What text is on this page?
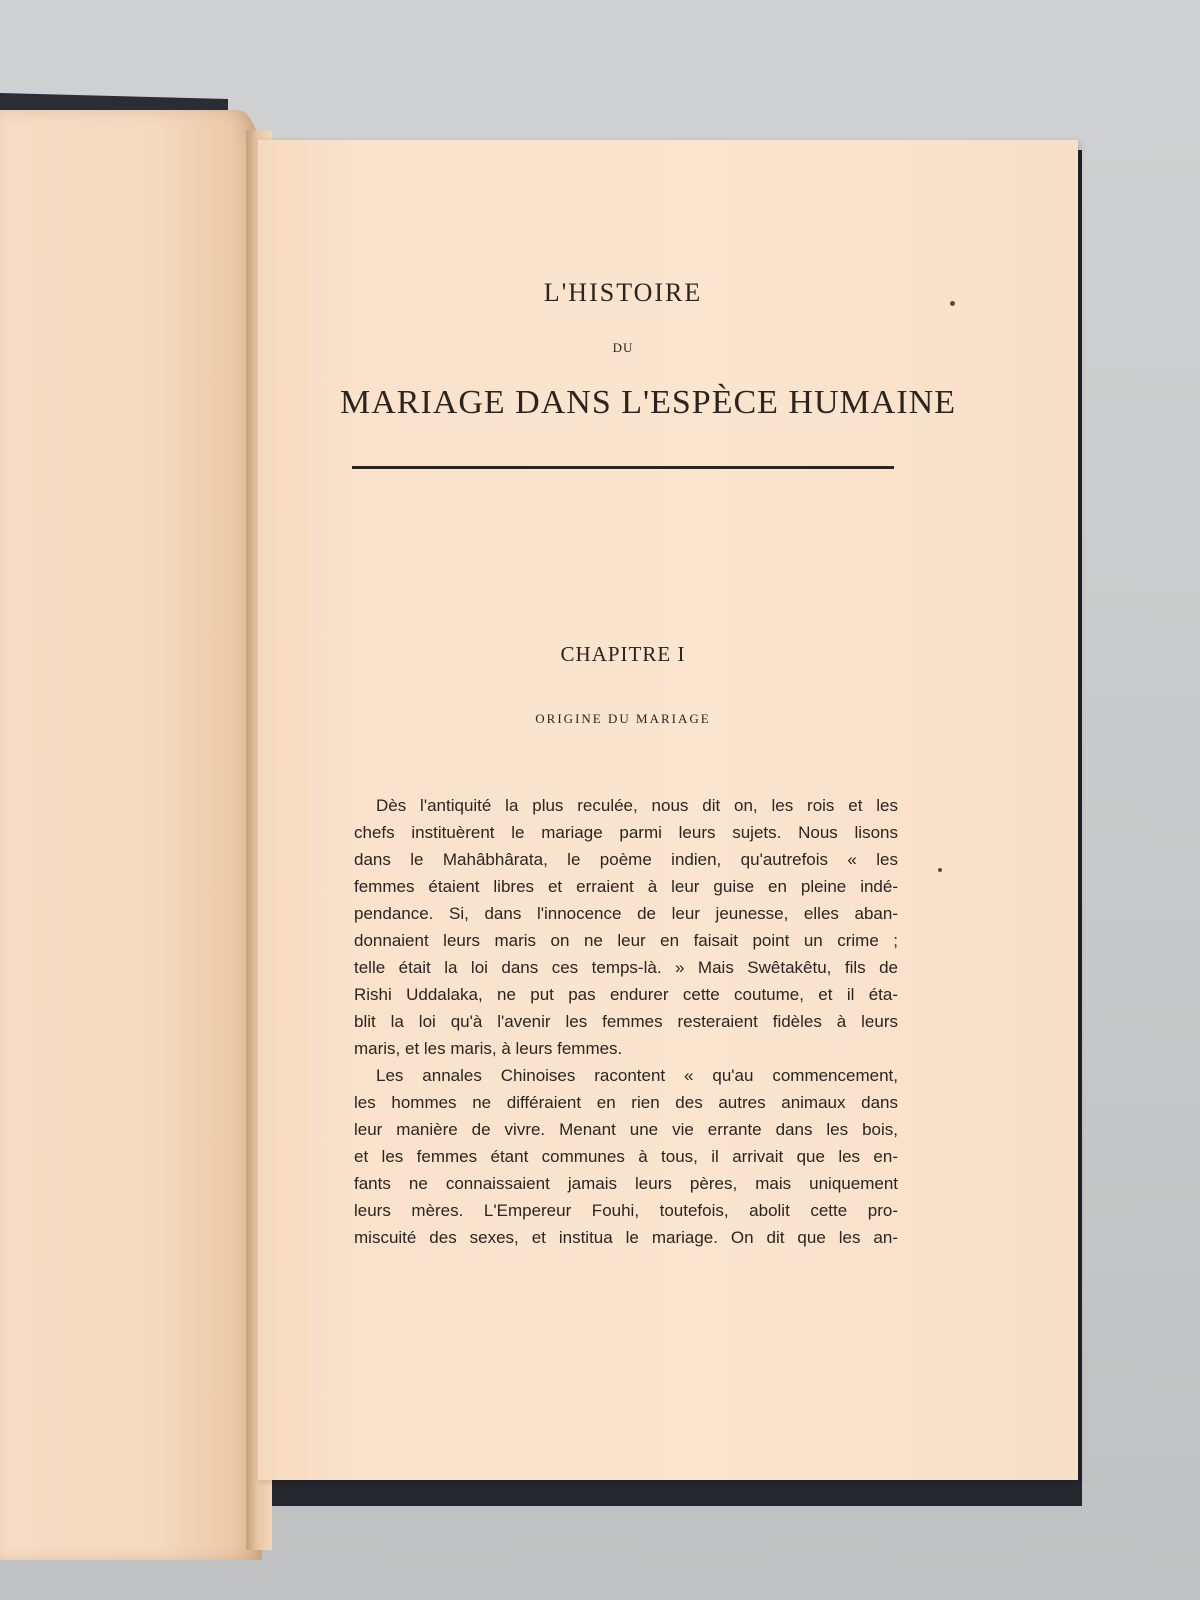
L'HISTOIRE
DU
MARIAGE DANS L'ESPÈCE HUMAINE
CHAPITRE I
ORIGINE DU MARIAGE
Dès l'antiquité la plus reculée, nous dit on, les rois et les
chefs instituèrent le mariage parmi leurs sujets. Nous lisons
dans le Mahâbhârata, le poème indien, qu'autrefois « les
femmes étaient libres et erraient à leur guise en pleine indé-
pendance. Si, dans l'innocence de leur jeunesse, elles aban-
donnaient leurs maris on ne leur en faisait point un crime ;
telle était la loi dans ces temps-là. » Mais Swêtakêtu, fils de
Rishi Uddalaka, ne put pas endurer cette coutume, et il éta-
blit la loi qu'à l'avenir les femmes resteraient fidèles à leurs
maris, et les maris, à leurs femmes.
Les annales Chinoises racontent « qu'au commencement,
les hommes ne différaient en rien des autres animaux dans
leur manière de vivre. Menant une vie errante dans les bois,
et les femmes étant communes à tous, il arrivait que les en-
fants ne connaissaient jamais leurs pères, mais uniquement
leurs mères. L'Empereur Fouhi, toutefois, abolit cette pro-
miscuité des sexes, et institua le mariage. On dit que les an-
